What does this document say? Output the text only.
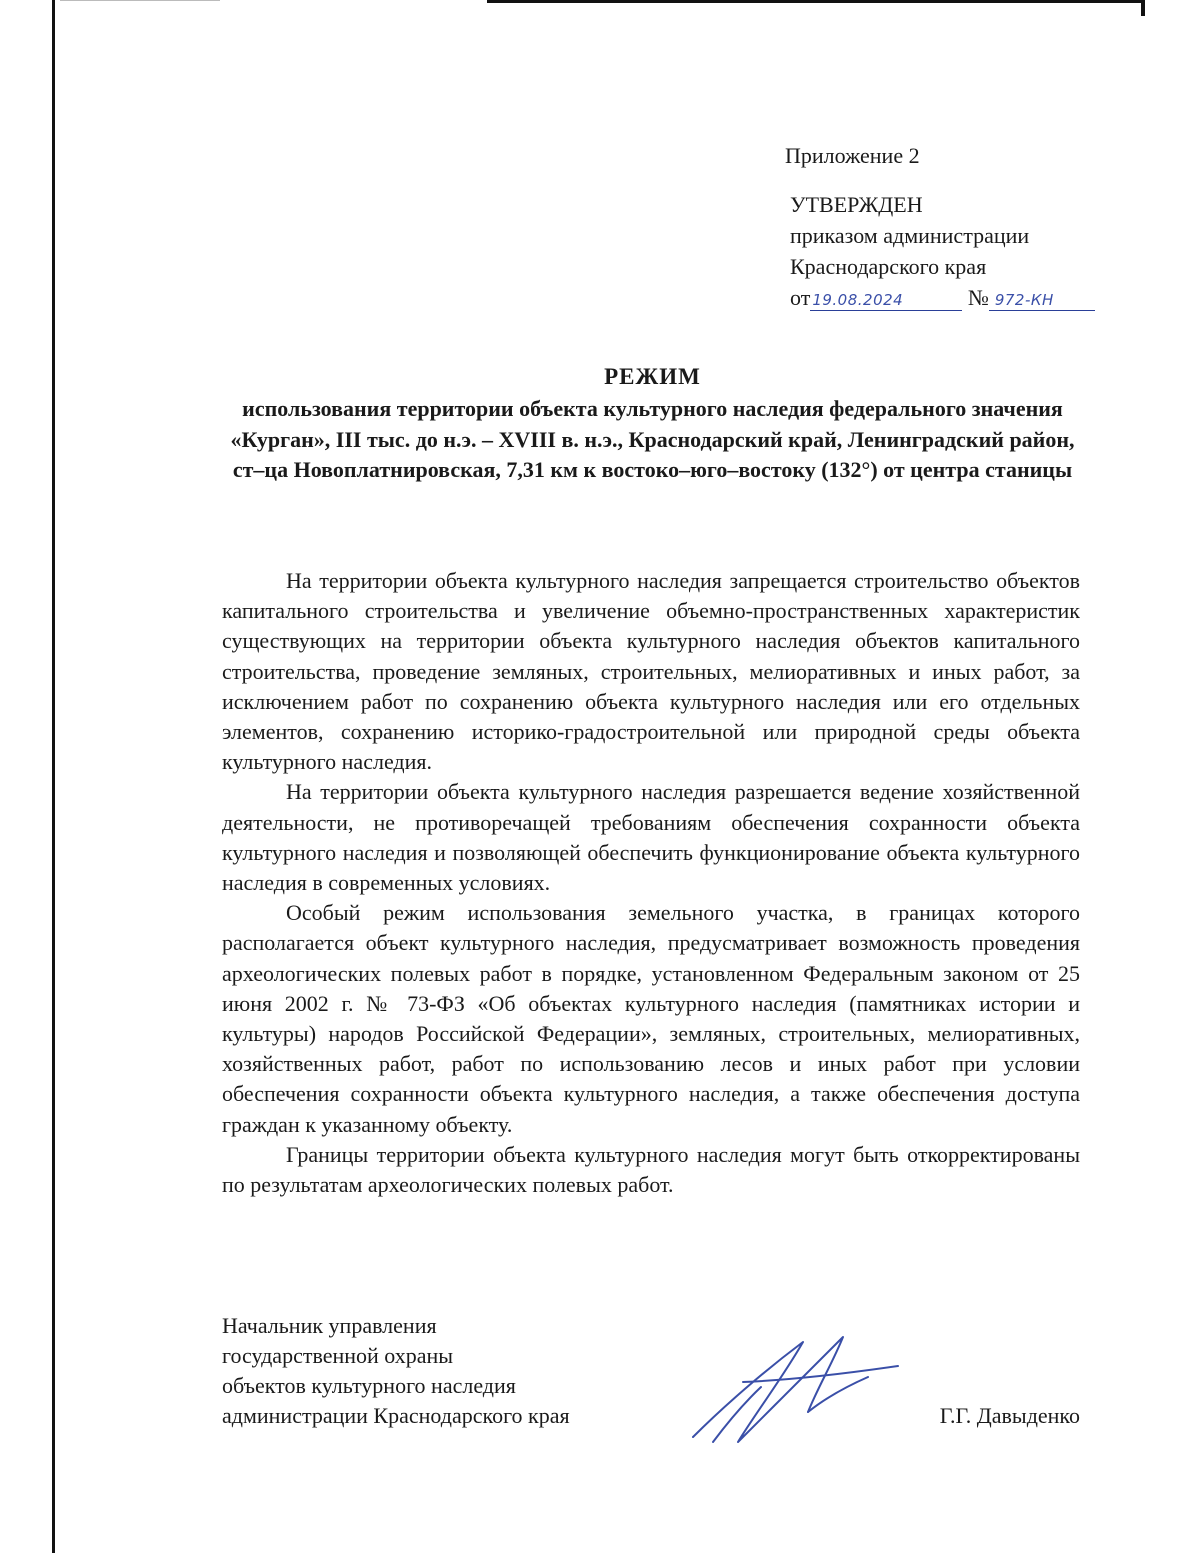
Приложение 2
УТВЕРЖДЕН
приказом администрации
Краснодарского края
от 19.08.2024	№ 972-КН
РЕЖИМ
использования территории объекта культурного наследия федерального значения «Курган», III тыс. до н.э. – XVIII в. н.э., Краснодарский край, Ленинградский район, ст–ца Новоплатнировская, 7,31 км к востоко–юго–востоку (132°) от центра станицы

На территории объекта культурного наследия запрещается строительство объектов капитального строительства и увеличение объемно-пространственных характеристик существующих на территории объекта культурного наследия объектов капитального строительства, проведение земляных, строительных, мелиоративных и иных работ, за исключением работ по сохранению объекта культурного наследия или его отдельных элементов, сохранению историко-градостроительной или природной среды объекта культурного наследия.

На территории объекта культурного наследия разрешается ведение хозяйственной деятельности, не противоречащей требованиям обеспечения сохранности объекта культурного наследия и позволяющей обеспечить функционирование объекта культурного наследия в современных условиях.

Особый режим использования земельного участка, в границах которого располагается объект культурного наследия, предусматривает возможность проведения археологических полевых работ в порядке, установленном Федеральным законом от 25 июня 2002 г. № 73-ФЗ «Об объектах культурного наследия (памятниках истории и культуры) народов Российской Федерации», земляных, строительных, мелиоративных, хозяйственных работ, работ по использованию лесов и иных работ при условии обеспечения сохранности объекта культурного наследия, а также обеспечения доступа граждан к указанному объекту.

Границы территории объекта культурного наследия могут быть откорректированы по результатам археологических полевых работ.

Начальник управления
государственной охраны
объектов культурного наследия
администрации Краснодарского края	Г.Г. Давыденко
